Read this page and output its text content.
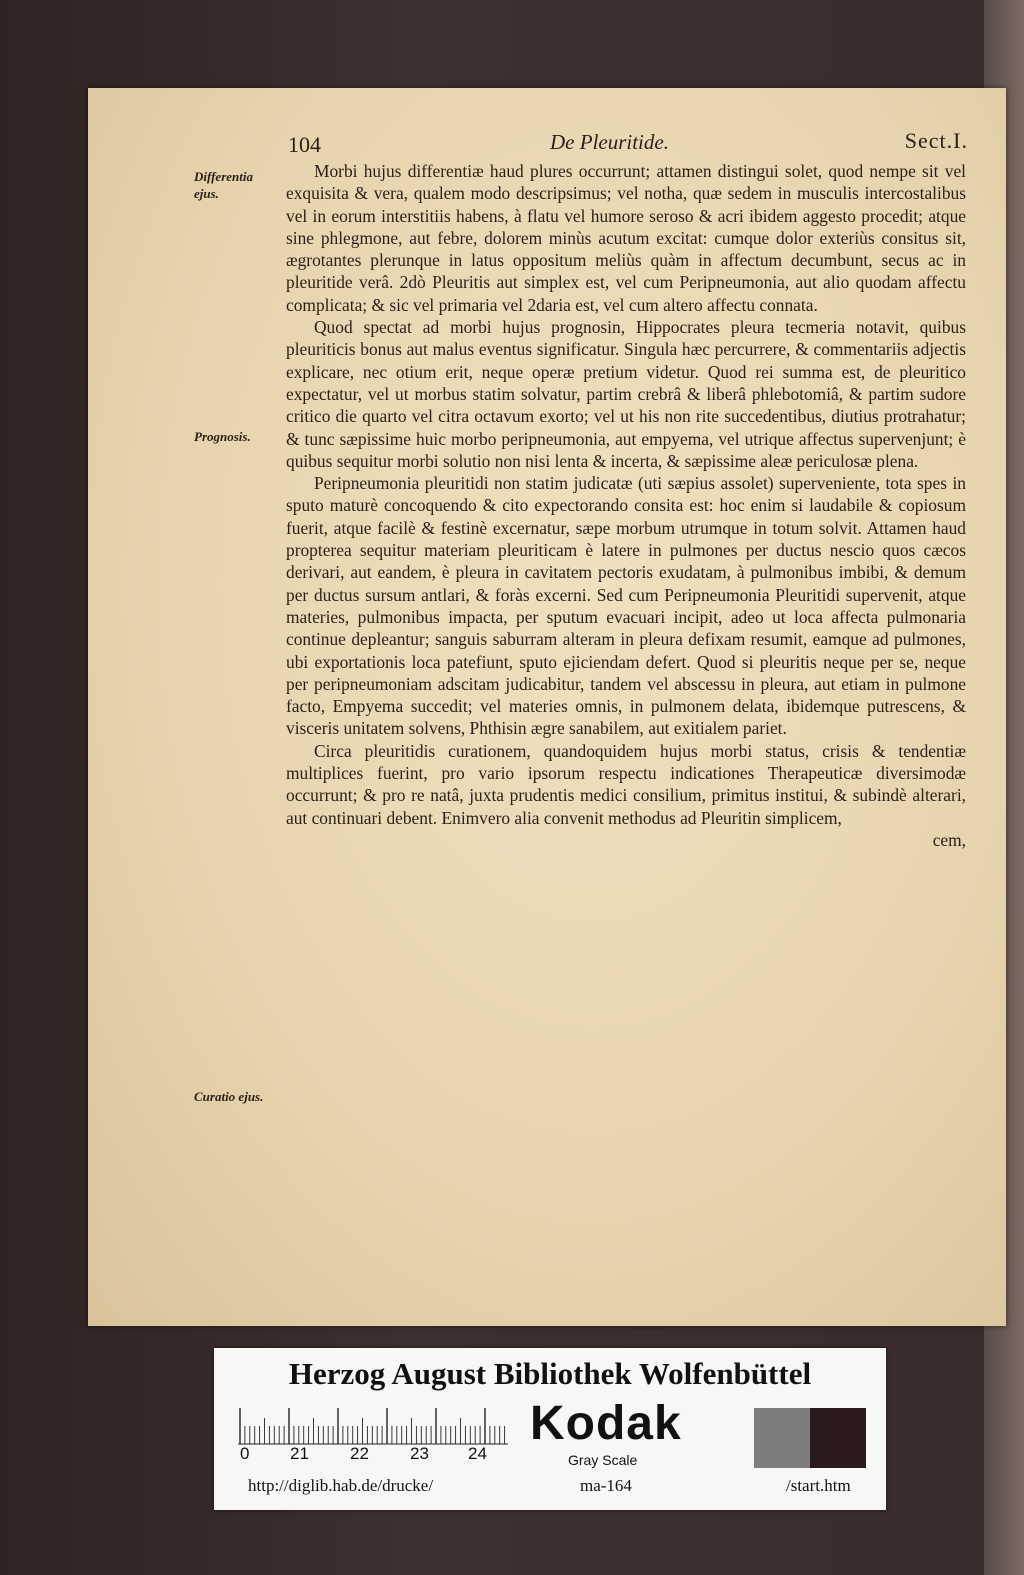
104	De Pleuritide.	Sect.I.
Differentia ejus.
Prognosis.
Curatio ejus.

Morbi hujus differentiæ haud plures occurrunt; attamen distingui solet, quod nempe sit vel exquisita & vera, qualem modo descripsimus; vel notha, quæ sedem in musculis intercostalibus vel in eorum interstitiis habens, à flatu vel humore seroso & acri ibidem aggesto procedit; atque sine phlegmone, aut febre, dolorem minùs acutum excitat: cumque dolor exteriùs consitus sit, ægrotantes plerunque in latus oppositum meliùs quàm in affectum decumbunt, secus ac in pleuritide verâ. 2dò Pleuritis aut simplex est, vel cum Peripneumonia, aut alio quodam affectu complicata; & sic vel primaria vel 2daria est, vel cum altero affectu connata.

Quod spectat ad morbi hujus prognosin, Hippocrates pleura tecmeria notavit, quibus pleuriticis bonus aut malus eventus significatur. Singula hæc percurrere, & commentariis adjectis explicare, nec otium erit, neque operæ pretium videtur. Quod rei summa est, de pleuritico expectatur, vel ut morbus statim solvatur, partim crebrâ & liberâ phlebotomiâ, & partim sudore critico die quarto vel citra octavum exorto; vel ut his non rite succedentibus, diutius protrahatur; & tunc sæpissime huic morbo peripneumonia, aut empyema, vel utrique affectus supervenjunt; è quibus sequitur morbi solutio non nisi lenta & incerta, & sæpissime aleæ periculosæ plena.

Peripneumonia pleuritidi non statim judicatæ (uti sæpius assolet) superveniente, tota spes in sputo maturè concoquendo & cito expectorando consita est: hoc enim si laudabile & copiosum fuerit, atque facilè & festinè excernatur, sæpe morbum utrumque in totum solvit. Attamen haud propterea sequitur materiam pleuriticam è latere in pulmones per ductus nescio quos cæcos derivari, aut eandem, è pleura in cavitatem pectoris exudatam, à pulmonibus imbibi, & demum per ductus sursum antlari, & foràs excerni. Sed cum Peripneumonia Pleuritidi supervenit, atque materies, pulmonibus impacta, per sputum evacuari incipit, adeo ut loca affecta pulmonaria continue depleantur; sanguis saburram alteram in pleura defixam resumit, eamque ad pulmones, ubi exportationis loca patefiunt, sputo ejiciendam defert. Quod si pleuritis neque per se, neque per peripneumoniam adscitam judicabitur, tandem vel abscessu in pleura, aut etiam in pulmone facto, Empyema succedit; vel materies omnis, in pulmonem delata, ibidemque putrescens, & visceris unitatem solvens, Phthisin ægre sanabilem, aut exitialem pariet.

Circa pleuritidis curationem, quandoquidem hujus morbi status, crisis & tendentiæ multiplices fuerint, pro vario ipsorum respectu indicationes Therapeuticæ diversimodæ occurrunt; & pro re natâ, juxta prudentis medici consilium, primitus institui, & subindè alterari, aut continuari debent. Enimvero alia convenit methodus ad Pleuritin simplicem,

cem,

Herzog August Bibliothek Wolfenbüttel
0 21 22 23 24
Kodak
Gray Scale
http://diglib.hab.de/drucke/	ma-164	/start.htm
